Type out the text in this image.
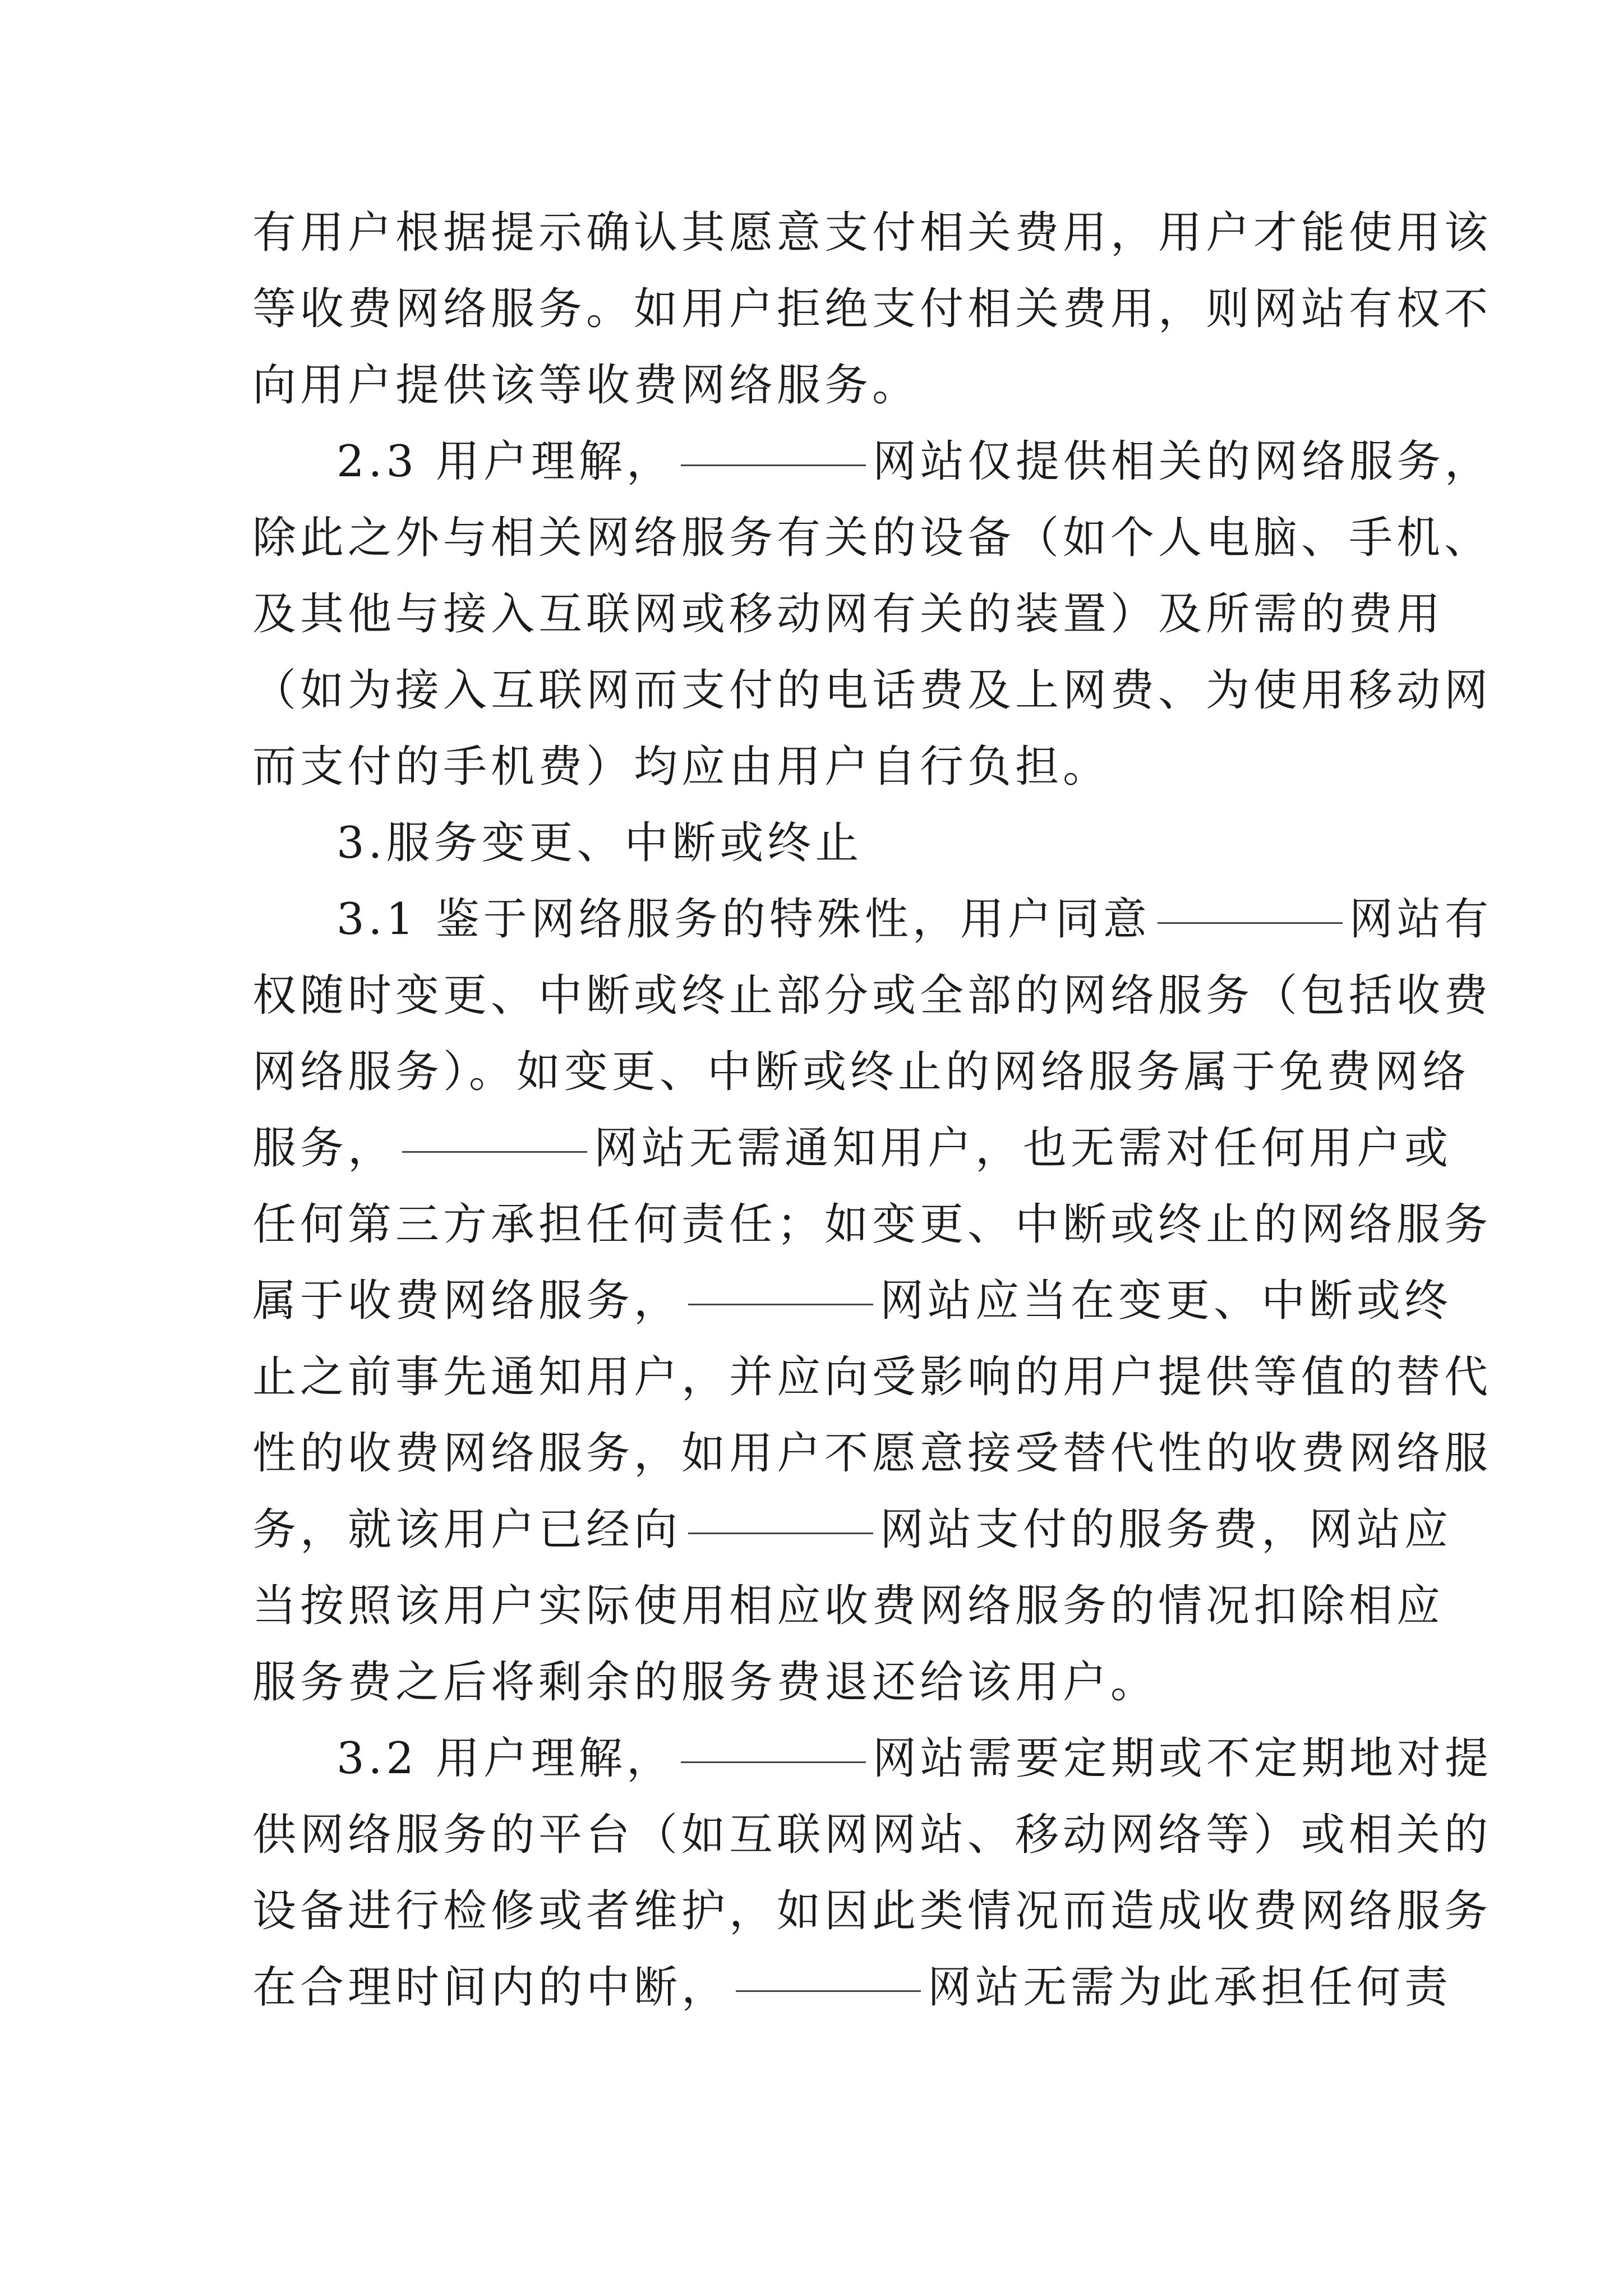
有用户根据提示确认其愿意支付相关费用，用户才能使用该
等收费网络服务。如用户拒绝支付相关费用，则网站有权不
向用户提供该等收费网络服务。
2.3 用户理解，	网站仅提供相关的网络服务，
除此之外与相关网络服务有关的设备（如个人电脑、手机、
及其他与接入互联网或移动网有关的装置）及所需的费用
（如为接入互联网而支付的电话费及上网费、为使用移动网
而支付的手机费）均应由用户自行负担。
3.服务变更、中断或终止
3.1 鉴于网络服务的特殊性，用户同意	网站有
权随时变更、中断或终止部分或全部的网络服务（包括收费
网络服务）。如变更、中断或终止的网络服务属于免费网络
服务，	网站无需通知用户，也无需对任何用户或
任何第三方承担任何责任；如变更、中断或终止的网络服务
属于收费网络服务，	网站应当在变更、中断或终
止之前事先通知用户，并应向受影响的用户提供等值的替代
性的收费网络服务，如用户不愿意接受替代性的收费网络服
务，就该用户已经向	网站支付的服务费，网站应
当按照该用户实际使用相应收费网络服务的情况扣除相应
服务费之后将剩余的服务费退还给该用户。
3.2 用户理解，	网站需要定期或不定期地对提
供网络服务的平台（如互联网网站、移动网络等）或相关的
设备进行检修或者维护，如因此类情况而造成收费网络服务
在合理时间内的中断，	网站无需为此承担任何责
